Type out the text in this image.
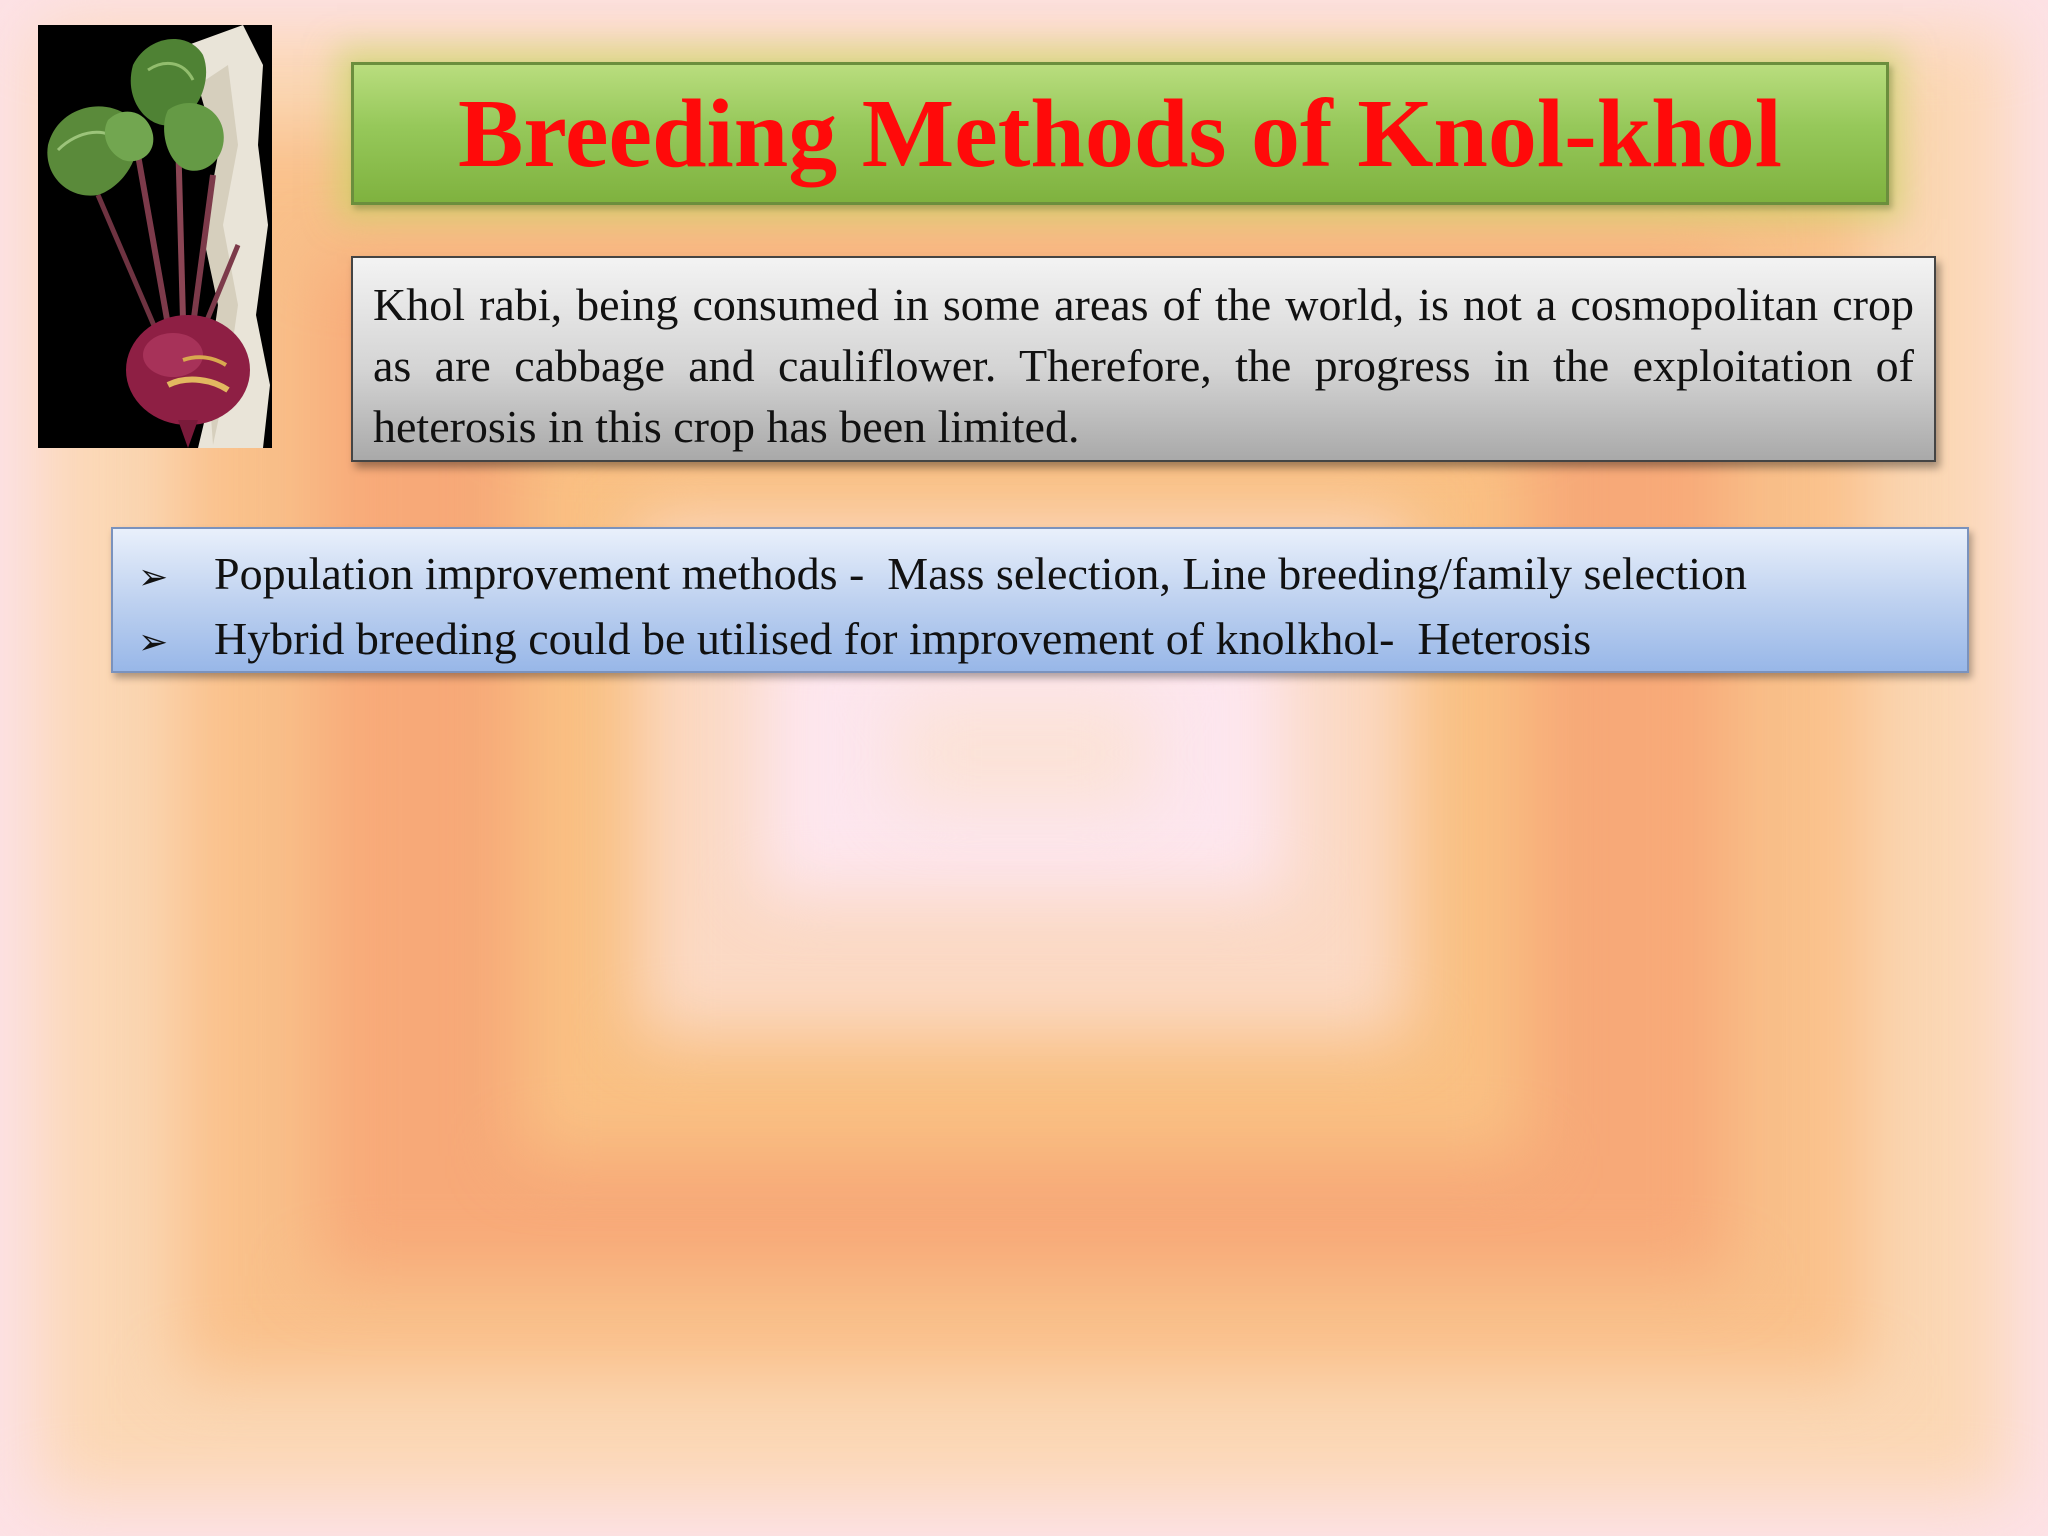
Breeding Methods of Knol-khol

Khol rabi, being consumed in some areas of the world, is not a cosmopolitan crop as are cabbage and cauliflower. Therefore, the progress in the exploitation of heterosis in this crop has been limited.

➢ Population improvement methods -  Mass selection, Line breeding/family selection
➢ Hybrid breeding could be utilised for improvement of knolkhol-  Heterosis
